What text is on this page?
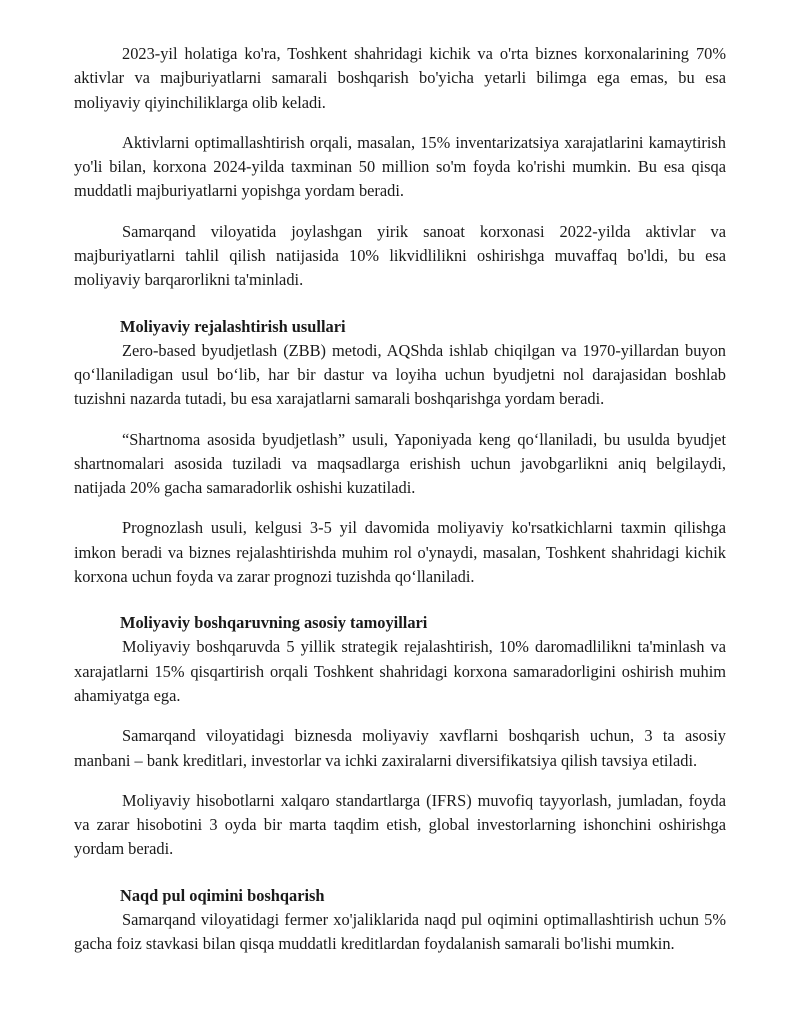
2023-yil holatiga ko'ra, Toshkent shahridagi kichik va o'rta biznes korxonalarining 70% aktivlar va majburiyatlarni samarali boshqarish bo'yicha yetarli bilimga ega emas, bu esa moliyaviy qiyinchiliklarga olib keladi.

Aktivlarni optimallashtirish orqali, masalan, 15% inventarizatsiya xarajatlarini kamaytirish yo'li bilan, korxona 2024-yilda taxminan 50 million so'm foyda ko'rishi mumkin. Bu esa qisqa muddatli majburiyatlarni yopishga yordam beradi.

Samarqand viloyatida joylashgan yirik sanoat korxonasi 2022-yilda aktivlar va majburiyatlarni tahlil qilish natijasida 10% likvidlilikni oshirishga muvaffaq bo'ldi, bu esa moliyaviy barqarorlikni ta'minladi.

Moliyaviy rejalashtirish usullari

Zero-based byudjetlash (ZBB) metodi, AQShda ishlab chiqilgan va 1970-yillardan buyon qo‘llaniladigan usul bo‘lib, har bir dastur va loyiha uchun byudjetni nol darajasidan boshlab tuzishni nazarda tutadi, bu esa xarajatlarni samarali boshqarishga yordam beradi.

“Shartnoma asosida byudjetlash” usuli, Yaponiyada keng qo‘llaniladi, bu usulda byudjet shartnomalari asosida tuziladi va maqsadlarga erishish uchun javobgarlikni aniq belgilaydi, natijada 20% gacha samaradorlik oshishi kuzatiladi.

Prognozlash usuli, kelgusi 3-5 yil davomida moliyaviy ko'rsatkichlarni taxmin qilishga imkon beradi va biznes rejalashtirishda muhim rol o'ynaydi, masalan, Toshkent shahridagi kichik korxona uchun foyda va zarar prognozi tuzishda qo‘llaniladi.

Moliyaviy boshqaruvning asosiy tamoyillari

Moliyaviy boshqaruvda 5 yillik strategik rejalashtirish, 10% daromadlilikni ta'minlash va xarajatlarni 15% qisqartirish orqali Toshkent shahridagi korxona samaradorligini oshirish muhim ahamiyatga ega.

Samarqand viloyatidagi biznesda moliyaviy xavflarni boshqarish uchun, 3 ta asosiy manbani – bank kreditlari, investorlar va ichki zaxiralarni diversifikatsiya qilish tavsiya etiladi.

Moliyaviy hisobotlarni xalqaro standartlarga (IFRS) muvofiq tayyorlash, jumladan, foyda va zarar hisobotini 3 oyda bir marta taqdim etish, global investorlarning ishonchini oshirishga yordam beradi.

Naqd pul oqimini boshqarish

Samarqand viloyatidagi fermer xo'jaliklarida naqd pul oqimini optimallashtirish uchun 5% gacha foiz stavkasi bilan qisqa muddatli kreditlardan foydalanish samarali bo'lishi mumkin.
